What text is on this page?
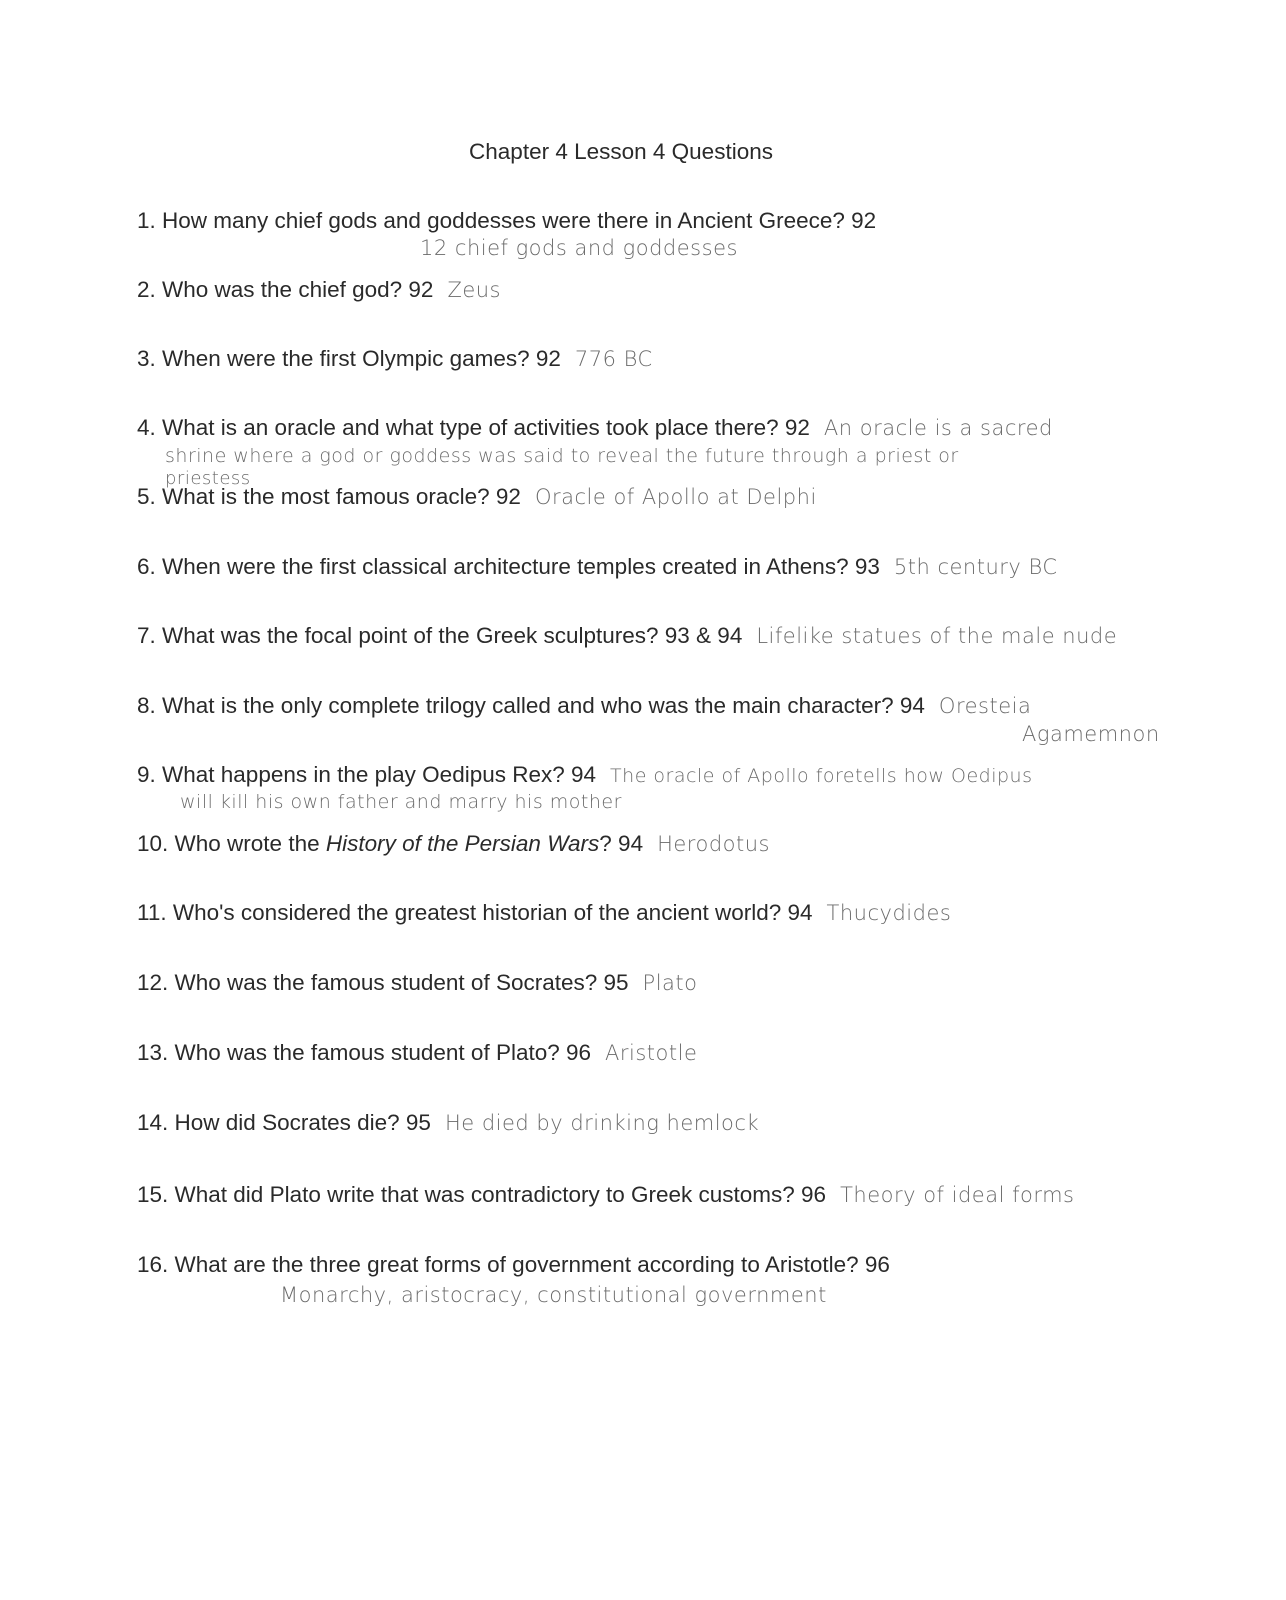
Chapter 4 Lesson 4 Questions
1. How many chief gods and goddesses were there in Ancient Greece? 92
12 chief gods and goddesses
2. Who was the chief god? 92 Zeus
3. When were the first Olympic games? 92 776 BC
4. What is an oracle and what type of activities took place there? 92 An oracle is a sacred
shrine where a god or goddess was said to reveal the future through a priest or
priestess
5. What is the most famous oracle? 92 Oracle of Apollo at Delphi
6. When were the first classical architecture temples created in Athens? 93 5th century BC
7. What was the focal point of the Greek sculptures? 93 & 94 Lifelike statues of the male nude
8. What is the only complete trilogy called and who was the main character? 94 Oresteia
Agamemnon
9. What happens in the play Oedipus Rex? 94 The oracle of Apollo foretells how Oedipus
will kill his own father and marry his mother
10. Who wrote the History of the Persian Wars? 94 Herodotus
11. Who's considered the greatest historian of the ancient world? 94 Thucydides
12. Who was the famous student of Socrates? 95 Plato
13. Who was the famous student of Plato? 96 Aristotle
14. How did Socrates die? 95 He died by drinking hemlock
15. What did Plato write that was contradictory to Greek customs? 96 Theory of ideal forms
16. What are the three great forms of government according to Aristotle? 96
Monarchy, aristocracy, constitutional government
